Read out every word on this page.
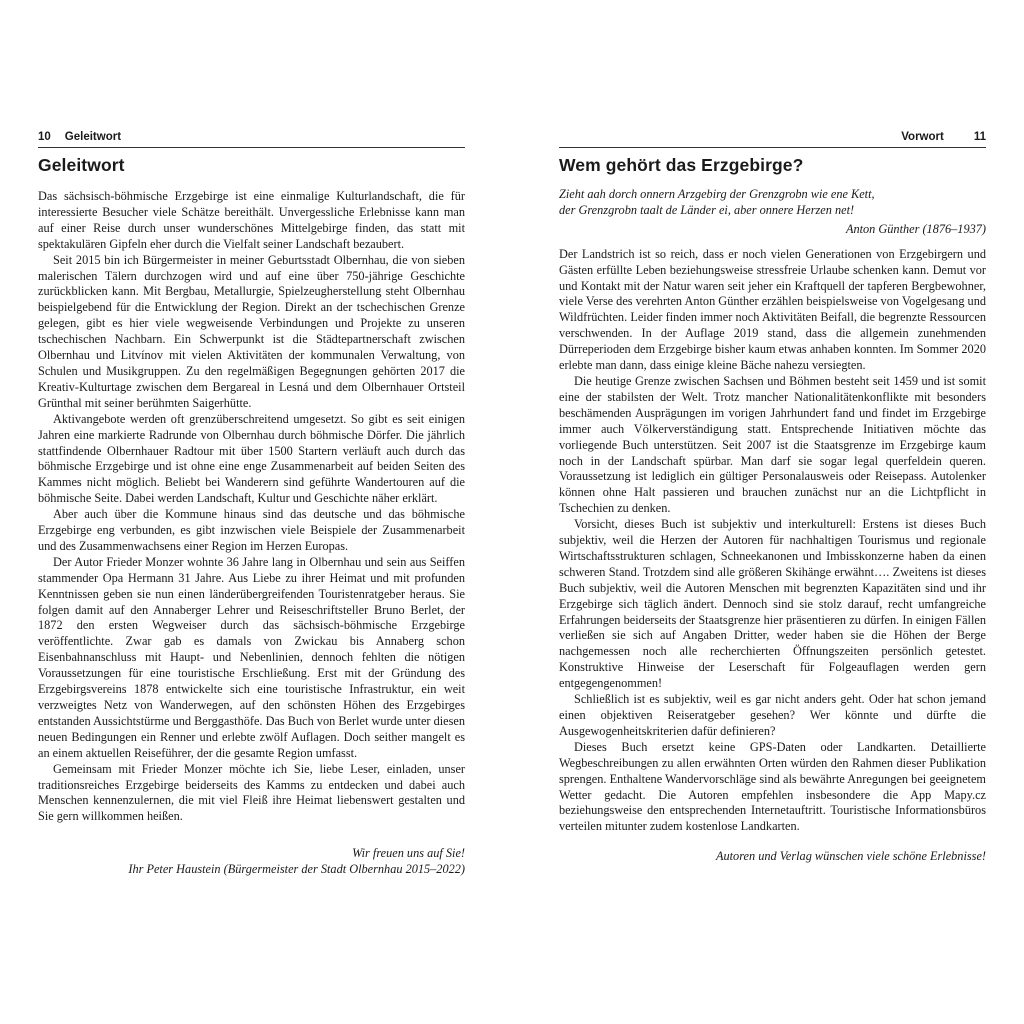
10 Geleitwort
Geleitwort

Das sächsisch-böhmische Erzgebirge ist eine einmalige Kulturlandschaft, die für interessierte Besucher viele Schätze bereithält. Unvergessliche Erlebnisse kann man auf einer Reise durch unser wunderschönes Mittelgebirge finden, das statt mit spektakulären Gipfeln eher durch die Vielfalt seiner Landschaft bezaubert.

Seit 2015 bin ich Bürgermeister in meiner Geburtsstadt Olbernhau, die von sieben malerischen Tälern durchzogen wird und auf eine über 750-jährige Geschichte zurückblicken kann. Mit Bergbau, Metallurgie, Spielzeugherstellung steht Olbernhau beispielgebend für die Entwicklung der Region. Direkt an der tschechischen Grenze gelegen, gibt es hier viele wegweisende Verbindungen und Projekte zu unseren tschechischen Nachbarn. Ein Schwerpunkt ist die Städtepartnerschaft zwischen Olbernhau und Litvínov mit vielen Aktivitäten der kommunalen Verwaltung, von Schulen und Musikgruppen. Zu den regelmäßigen Begegnungen gehörten 2017 die Kreativ-Kulturtage zwischen dem Bergareal in Lesná und dem Olbernhauer Ortsteil Grünthal mit seiner berühmten Saigerhütte.

Aktivangebote werden oft grenzüberschreitend umgesetzt. So gibt es seit einigen Jahren eine markierte Radrunde von Olbernhau durch böhmische Dörfer. Die jährlich stattfindende Olbernhauer Radtour mit über 1500 Startern verläuft auch durch das böhmische Erzgebirge und ist ohne eine enge Zusammenarbeit auf beiden Seiten des Kammes nicht möglich. Beliebt bei Wanderern sind geführte Wandertouren auf die böhmische Seite. Dabei werden Landschaft, Kultur und Geschichte näher erklärt.

Aber auch über die Kommune hinaus sind das deutsche und das böhmische Erzgebirge eng verbunden, es gibt inzwischen viele Beispiele der Zusammenarbeit und des Zusammenwachsens einer Region im Herzen Europas.

Der Autor Frieder Monzer wohnte 36 Jahre lang in Olbernhau und sein aus Seiffen stammender Opa Hermann 31 Jahre. Aus Liebe zu ihrer Heimat und mit profunden Kenntnissen geben sie nun einen länderübergreifenden Touristenratgeber heraus. Sie folgen damit auf den Annaberger Lehrer und Reiseschriftsteller Bruno Berlet, der 1872 den ersten Wegweiser durch das sächsisch-böhmische Erzgebirge veröffentlichte. Zwar gab es damals von Zwickau bis Annaberg schon Eisenbahnanschluss mit Haupt- und Nebenlinien, dennoch fehlten die nötigen Voraussetzungen für eine touristische Erschließung. Erst mit der Gründung des Erzgebirgsvereins 1878 entwickelte sich eine touristische Infrastruktur, ein weit verzweigtes Netz von Wanderwegen, auf den schönsten Höhen des Erzgebirges entstanden Aussichtstürme und Berggasthöfe. Das Buch von Berlet wurde unter diesen neuen Bedingungen ein Renner und erlebte zwölf Auflagen. Doch seither mangelt es an einem aktuellen Reiseführer, der die gesamte Region umfasst.

Gemeinsam mit Frieder Monzer möchte ich Sie, liebe Leser, einladen, unser traditionsreiches Erzgebirge beiderseits des Kamms zu entdecken und dabei auch Menschen kennenzulernen, die mit viel Fleiß ihre Heimat liebenswert gestalten und Sie gern willkommen heißen.

Wir freuen uns auf Sie!
Ihr Peter Haustein (Bürgermeister der Stadt Olbernhau 2015–2022)
Vorwort	11
Wem gehört das Erzgebirge?
Zieht aah dorch onnern Arzgebirg der Grenzgrobn wie ene Kett,
der Grenzgrobn taalt de Länder ei, aber onnere Herzen net!
Anton Günther (1876–1937)

Der Landstrich ist so reich, dass er noch vielen Generationen von Erzgebirgern und Gästen erfüllte Leben beziehungsweise stressfreie Urlaube schenken kann. Demut vor und Kontakt mit der Natur waren seit jeher ein Kraftquell der tapferen Bergbewohner, viele Verse des verehrten Anton Günther erzählen beispielsweise von Vogelgesang und Wildfrüchten. Leider finden immer noch Aktivitäten Beifall, die begrenzte Ressourcen verschwenden. In der Auflage 2019 stand, dass die allgemein zunehmenden Dürreperioden dem Erzgebirge bisher kaum etwas anhaben konnten. Im Sommer 2020 erlebte man dann, dass einige kleine Bäche nahezu versiegten.

Die heutige Grenze zwischen Sachsen und Böhmen besteht seit 1459 und ist somit eine der stabilsten der Welt. Trotz mancher Nationalitätenkonflikte mit besonders beschämenden Ausprägungen im vorigen Jahrhundert fand und findet im Erzgebirge immer auch Völkerverständigung statt. Entsprechende Initiativen möchte das vorliegende Buch unterstützen. Seit 2007 ist die Staatsgrenze im Erzgebirge kaum noch in der Landschaft spürbar. Man darf sie sogar legal querfeldein queren. Voraussetzung ist lediglich ein gültiger Personalausweis oder Reisepass. Autolenker können ohne Halt passieren und brauchen zunächst nur an die Lichtpflicht in Tschechien zu denken.

Vorsicht, dieses Buch ist subjektiv und interkulturell: Erstens ist dieses Buch subjektiv, weil die Herzen der Autoren für nachhaltigen Tourismus und regionale Wirtschaftsstrukturen schlagen, Schneekanonen und Imbisskonzerne haben da einen schweren Stand. Trotzdem sind alle größeren Skihänge erwähnt…. Zweitens ist dieses Buch subjektiv, weil die Autoren Menschen mit begrenzten Kapazitäten sind und ihr Erzgebirge sich täglich ändert. Dennoch sind sie stolz darauf, recht umfangreiche Erfahrungen beiderseits der Staatsgrenze hier präsentieren zu dürfen. In einigen Fällen verließen sie sich auf Angaben Dritter, weder haben sie die Höhen der Berge nachgemessen noch alle recherchierten Öffnungszeiten persönlich getestet. Konstruktive Hinweise der Leserschaft für Folgeauflagen werden gern entgegengenommen!

Schließlich ist es subjektiv, weil es gar nicht anders geht. Oder hat schon jemand einen objektiven Reiseratgeber gesehen? Wer könnte und dürfte die Ausgewogenheitskriterien dafür definieren?

Dieses Buch ersetzt keine GPS-Daten oder Landkarten. Detaillierte Wegbeschreibungen zu allen erwähnten Orten würden den Rahmen dieser Publikation sprengen. Enthaltene Wandervorschläge sind als bewährte Anregungen bei geeignetem Wetter gedacht. Die Autoren empfehlen insbesondere die App Mapy.cz beziehungsweise den entsprechenden Internetauftritt. Touristische Informationsbüros verteilen mitunter zudem kostenlose Landkarten.

Autoren und Verlag wünschen viele schöne Erlebnisse!
